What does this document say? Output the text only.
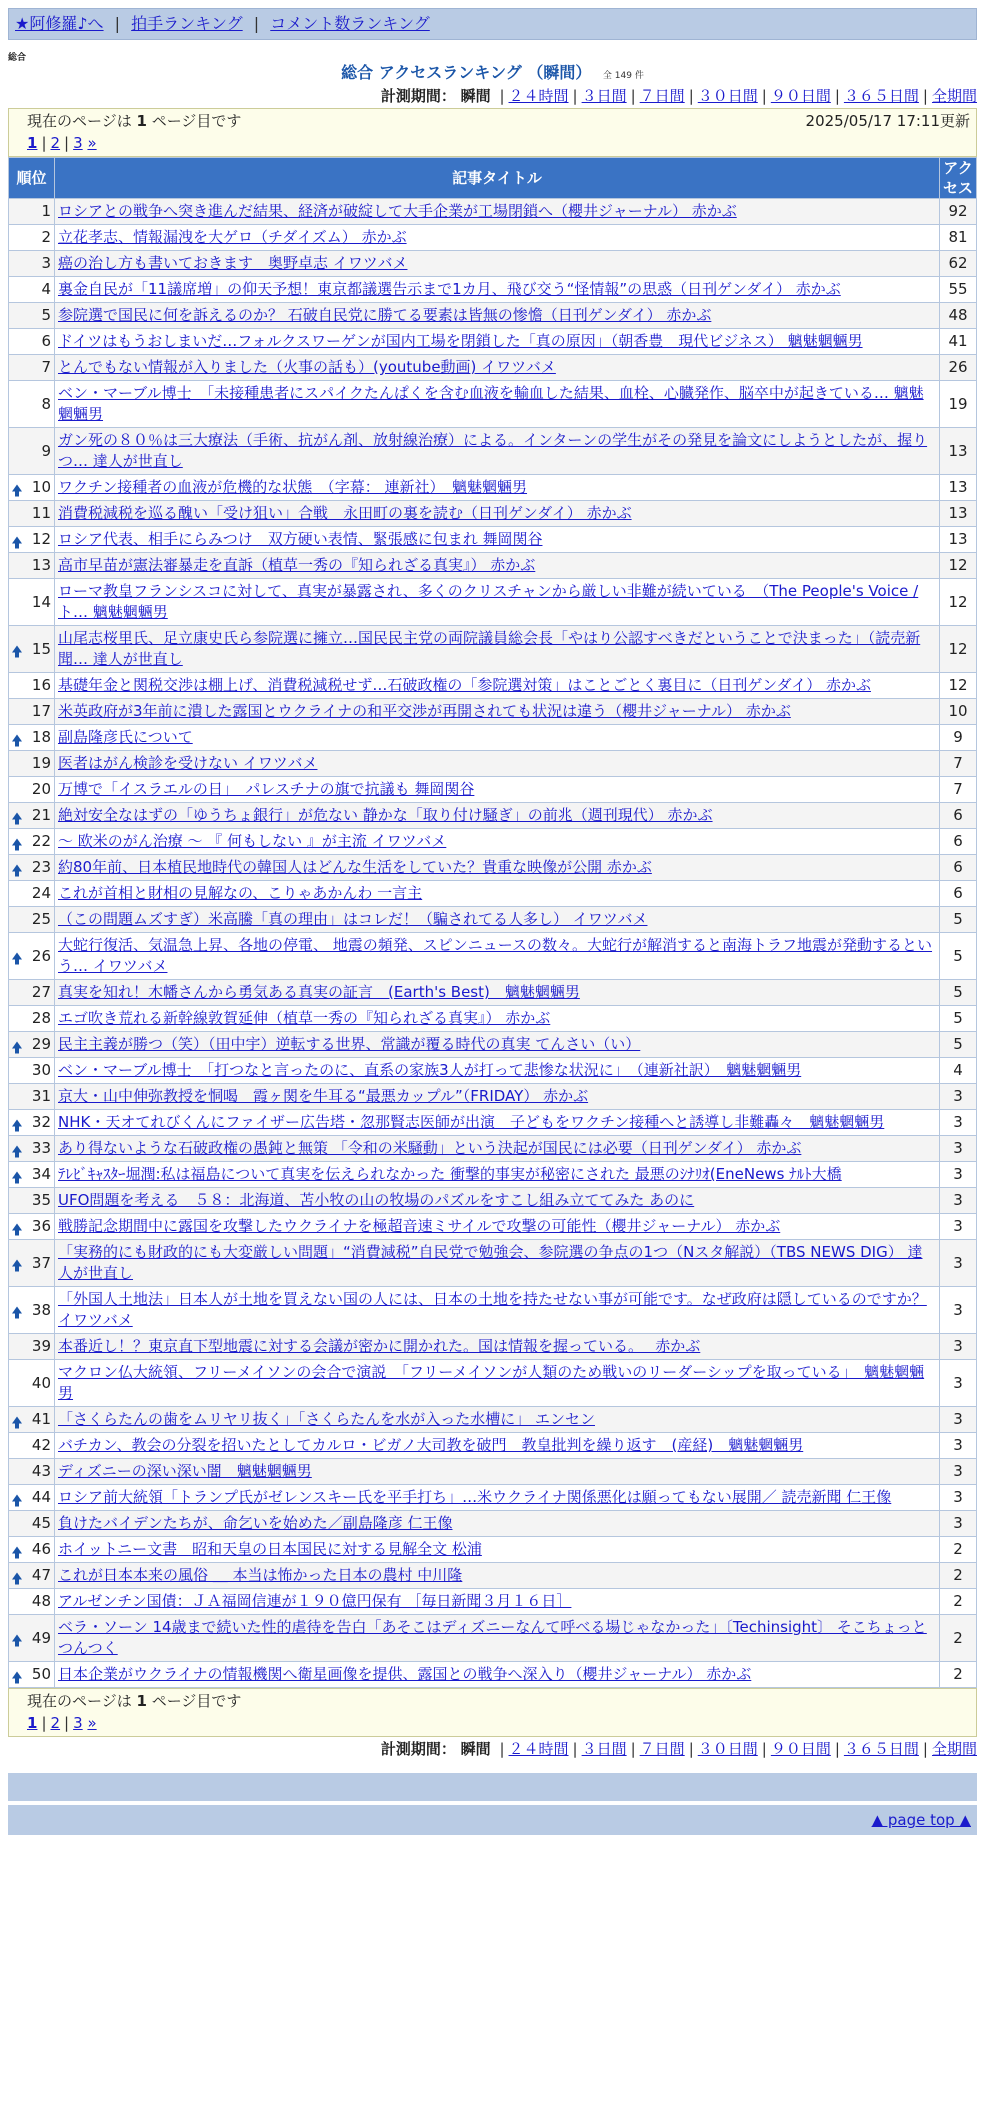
★阿修羅♪へ | 拍手ランキング | コメント数ランキング
総合
総合 アクセスランキング （瞬間） 全 149 件
計測期間： 瞬間 | ２４時間 | ３日間 | ７日間 | ３０日間 | ９０日間 | ３６５日間 | 全期間
現在のページは 1 ページ目です	2025/05/17 17:11更新
1 | 2 | 3 »
順位	記事タイトル	アクセス
1	ロシアとの戦争へ突き進んだ結果、経済が破綻して大手企業が工場閉鎖へ（櫻井ジャーナル） 赤かぶ	92
2	立花孝志、情報漏洩を大ゲロ（チダイズム） 赤かぶ	81
3	癌の治し方も書いておきます　奥野卓志 イワツバメ	62
4	裏金自民が「11議席増」の仰天予想！東京都議選告示まで1カ月、飛び交う“怪情報”の思惑（日刊ゲンダイ） 赤かぶ	55
5	参院選で国民に何を訴えるのか？ 石破自民党に勝てる要素は皆無の惨憺（日刊ゲンダイ） 赤かぶ	48
6	ドイツはもうおしまいだ…フォルクスワーゲンが国内工場を閉鎖した「真の原因」（朝香豊　現代ビジネス） 魑魅魍魎男	41
7	とんでもない情報が入りました（火事の話も）(youtube動画) イワツバメ	26
8	ベン・マーブル博士　「未接種患者にスパイクたんぱくを含む血液を輸血した結果、血栓、心臓発作、脳卒中が起きている… 魑魅魍魎男	19
9	ガン死の８０％は三大療法（手術、抗がん剤、放射線治療）による。インターンの学生がその発見を論文にしようとしたが、握りつ… 達人が世直し	13

10	ワクチン接種者の血液が危機的な状態　（字幕： 連新社）　魑魅魍魎男	13
11	消費税減税を巡る醜い「受け狙い」合戦　永田町の裏を読む（日刊ゲンダイ） 赤かぶ	13

12	ロシア代表、相手にらみつけ　双方硬い表情、緊張感に包まれ 舞岡関谷	13
13	高市早苗が憲法審暴走を直訴（植草一秀の『知られざる真実』） 赤かぶ	12
14	ローマ教皇フランシスコに対して、真実が暴露され、多くのクリスチャンから厳しい非難が続いている　（The People's Voice / ト… 魑魅魍魎男	12

15	山尾志桜里氏、足立康史氏ら参院選に擁立…国民民主党の両院議員総会長「やはり公認すべきだということで決まった」（読売新聞… 達人が世直し	12
16	基礎年金と関税交渉は棚上げ、消費税減税せず…石破政権の「参院選対策」はことごとく裏目に（日刊ゲンダイ） 赤かぶ	12
17	米英政府が3年前に潰した露国とウクライナの和平交渉が再開されても状況は違う（櫻井ジャーナル） 赤かぶ	10

18	副島隆彦氏について	9
19	医者はがん検診を受けない イワツバメ	7
20	万博で「イスラエルの日」　パレスチナの旗で抗議も 舞岡関谷	7

21	絶対安全なはずの「ゆうちょ銀行」が危ない 静かな「取り付け騒ぎ」の前兆（週刊現代） 赤かぶ	6

22	～ 欧米のがん治療 ～ 『 何もしない 』が主流 イワツバメ	6

23	約80年前、日本植民地時代の韓国人はどんな生活をしていた？貴重な映像が公開 赤かぶ	6
24	これが首相と財相の見解なの、こりゃあかんわ 一言主	6
25	（この問題ムズすぎ）米高騰「真の理由」はコレだ！（騙されてる人多し） イワツバメ	5

26	大蛇行復活、気温急上昇、各地の停電、 地震の頻発、スピンニュースの数々。大蛇行が解消すると南海トラフ地震が発動するという… イワツバメ	5
27	真実を知れ！木幡さんから勇気ある真実の証言　(Earth's Best)　魑魅魍魎男	5
28	エゴ吹き荒れる新幹線敦賀延伸（植草一秀の『知られざる真実』） 赤かぶ	5

29	民主主義が勝つ（笑）（田中宇）逆転する世界、常識が覆る時代の真実 てんさい（い）	5
30	ベン・マーブル博士　「打つなと言ったのに、直系の家族3人が打って悲惨な状況に」　（連新社訳）　魑魅魍魎男	4
31	京大・山中伸弥教授を恫喝　霞ヶ関を牛耳る“最悪カップル”（FRIDAY） 赤かぶ	3

32	NHK・天オてれびくんにファイザー広告塔・忽那賢志医師が出演　子どもをワクチン接種へと誘導し非難轟々　魑魅魍魎男	3

33	あり得ないような石破政権の愚鈍と無策 「令和の米騒動」という決起が国民には必要（日刊ゲンダイ） 赤かぶ	3

34	ﾃﾚﾋﾞｷｬｽﾀｰ堀潤:私は福島について真実を伝えられなかった 衝撃的事実が秘密にされた 最悪のｼﾅﾘｵ(EneNews ﾅﾙﾄ大橋	3
35	UFO問題を考える　５８：北海道、苫小牧の山の牧場のパズルをすこし組み立ててみた あのに	3

36	戦勝記念期間中に露国を攻撃したウクライナを極超音速ミサイルで攻撃の可能性（櫻井ジャーナル） 赤かぶ	3

37	「実務的にも財政的にも大変厳しい問題」“消費減税”自民党で勉強会、参院選の争点の1つ（Nスタ解説）（TBS NEWS DIG） 達人が世直し	3

38	「外国人土地法」日本人が土地を買えない国の人には、日本の土地を持たせない事が可能です。なぜ政府は隠しているのですか？ イワツバメ	3
39	本番近し！？東京直下型地震に対する会議が密かに開かれた。国は情報を握っている。　 赤かぶ	3
40	マクロン仏大統領、フリーメイソンの会合で演説　「フリーメイソンが人類のため戦いのリーダーシップを取っている」　魑魅魍魎男	3

41	「さくらたんの歯をムリヤリ抜く」「さくらたんを水が入った水槽に」 エンセン	3
42	バチカン、教会の分裂を招いたとしてカルロ・ビガノ大司教を破門　教皇批判を繰り返す　(産経)　魑魅魍魎男	3
43	ディズニーの深い深い闇　魑魅魍魎男	3

44	ロシア前大統領「トランプ氏がゼレンスキー氏を平手打ち」…米ウクライナ関係悪化は願ってもない展開／ 読売新聞 仁王像	3
45	負けたバイデンたちが、命乞いを始めた／副島隆彦 仁王像	3

46	ホイットニー文書　昭和天皇の日本国民に対する見解全文 松浦	2

47	これが日本本来の風俗 ＿ 本当は怖かった日本の農村 中川隆	2
48	アルゼンチン国債：ＪＡ福岡信連が１９０億円保有 ［毎日新聞３月１６日］	2

49	ベラ・ソーン 14歳まで続いた性的虐待を告白「あそこはディズニーなんて呼べる場じゃなかった」〔Techinsight〕 そこちょっとつんつく	2

50	日本企業がウクライナの情報機関へ衛星画像を提供、露国との戦争へ深入り（櫻井ジャーナル） 赤かぶ	2
現在のページは 1 ページ目です
1 | 2 | 3 »
計測期間： 瞬間 | ２４時間 | ３日間 | ７日間 | ３０日間 | ９０日間 | ３６５日間 | 全期間
▲ page top ▲
